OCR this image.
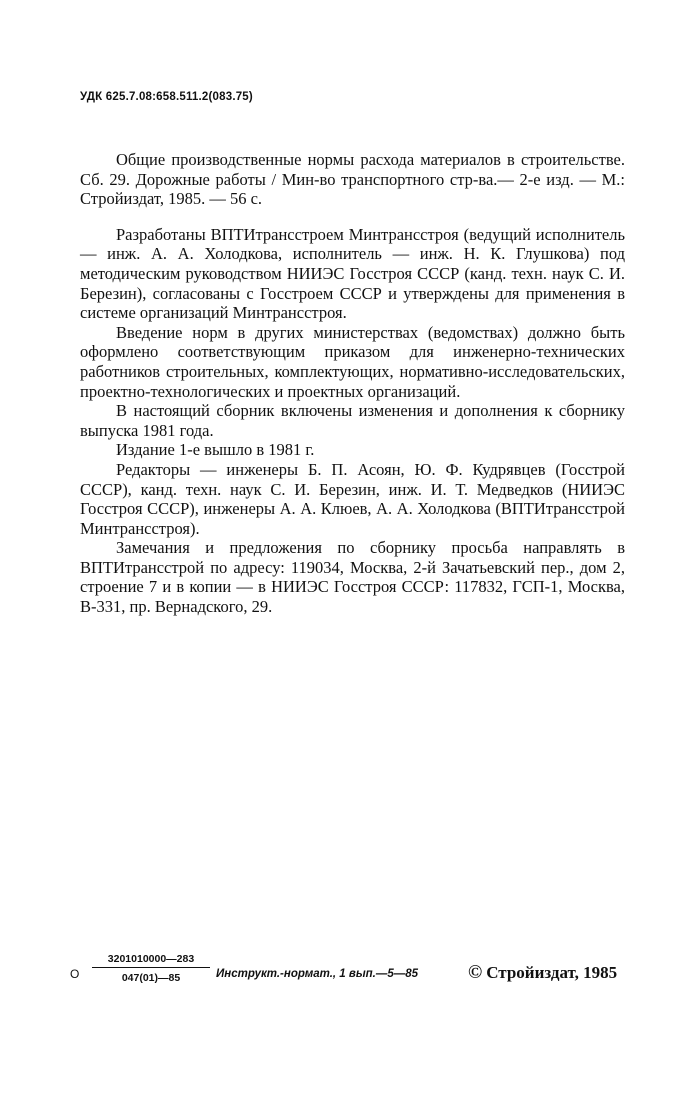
УДК 625.7.08:658.511.2(083.75)

Общие производственные нормы расхода материалов в строительстве. Сб. 29. Дорожные работы / Мин-во транспортного стр-ва.— 2-е изд. — М.: Стройиздат, 1985. — 56 с.

Разработаны ВПТИтрансстроем Минтрансстроя (ведущий исполнитель — инж. А. А. Холодкова, исполнитель — инж. Н. К. Глушкова) под методическим руководством НИИЭС Госстроя СССР (канд. техн. наук С. И. Березин), согласованы с Госстроем СССР и утверждены для применения в системе организаций Минтрансстроя.

Введение норм в других министерствах (ведомствах) должно быть оформлено соответствующим приказом для инженерно-технических работников строительных, комплектующих, нормативно-исследовательских, проектно-технологических и проектных организаций.

В настоящий сборник включены изменения и дополнения к сборнику выпуска 1981 года.

Издание 1-е вышло в 1981 г.

Редакторы — инженеры Б. П. Асоян, Ю. Ф. Кудрявцев (Госстрой СССР), канд. техн. наук С. И. Березин, инж. И. Т. Медведков (НИИЭС Госстроя СССР), инженеры А. А. Клюев, А. А. Холодкова (ВПТИтрансстрой Минтрансстроя).

Замечания и предложения по сборнику просьба направлять в ВПТИтрансстрой по адресу: 119034, Москва, 2-й Зачатьевский пер., дом 2, строение 7 и в копии — в НИИЭС Госстроя СССР: 117832, ГСП-1, Москва, В-331, пр. Вернадского, 29.

О $\frac{3201010000—283}{047(01)—85}$ Инструкт.-нормат., 1 вып.—5—85	© Стройиздат, 1985
